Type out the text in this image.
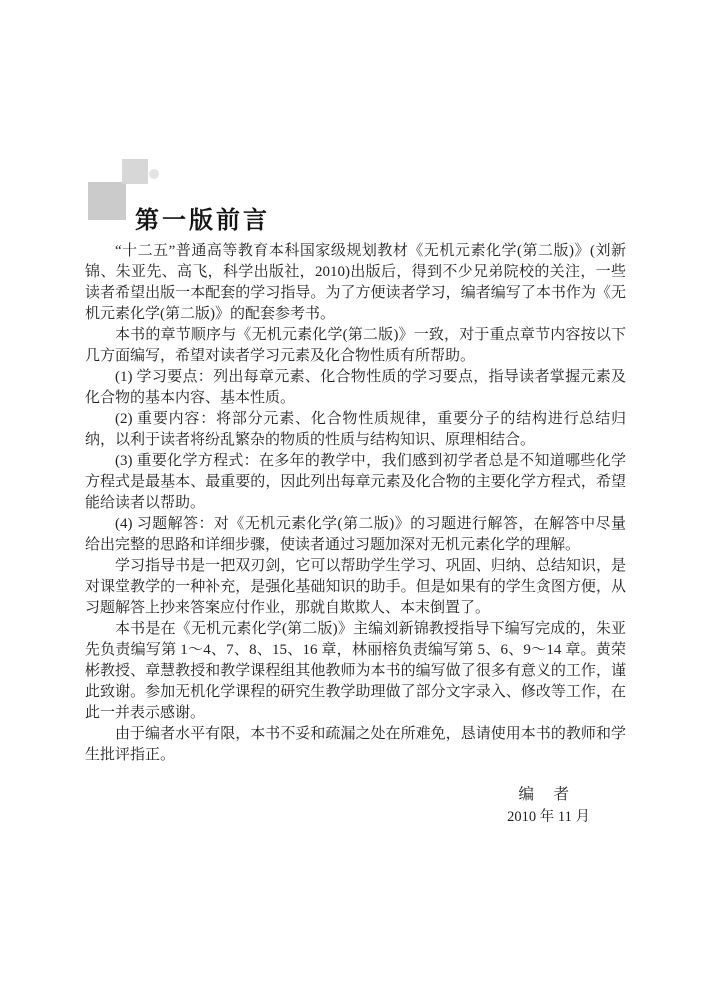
第一版前言

“十二五”普通高等教育本科国家级规划教材《无机元素化学(第二版)》(刘新锦、朱亚先、高飞，科学出版社，2010)出版后，得到不少兄弟院校的关注，一些读者希望出版一本配套的学习指导。为了方便读者学习，编者编写了本书作为《无机元素化学(第二版)》的配套参考书。

本书的章节顺序与《无机元素化学(第二版)》一致，对于重点章节内容按以下几方面编写，希望对读者学习元素及化合物性质有所帮助。

(1) 学习要点：列出每章元素、化合物性质的学习要点，指导读者掌握元素及化合物的基本内容、基本性质。

(2) 重要内容：将部分元素、化合物性质规律，重要分子的结构进行总结归纳，以利于读者将纷乱繁杂的物质的性质与结构知识、原理相结合。

(3) 重要化学方程式：在多年的教学中，我们感到初学者总是不知道哪些化学方程式是最基本、最重要的，因此列出每章元素及化合物的主要化学方程式，希望能给读者以帮助。

(4) 习题解答：对《无机元素化学(第二版)》的习题进行解答，在解答中尽量给出完整的思路和详细步骤，使读者通过习题加深对无机元素化学的理解。

学习指导书是一把双刃剑，它可以帮助学生学习、巩固、归纳、总结知识，是对课堂教学的一种补充，是强化基础知识的助手。但是如果有的学生贪图方便，从习题解答上抄来答案应付作业，那就自欺欺人、本末倒置了。

本书是在《无机元素化学(第二版)》主编刘新锦教授指导下编写完成的，朱亚先负责编写第 1～4、7、8、15、16 章，林丽榕负责编写第 5、6、9～14 章。黄荣彬教授、章慧教授和教学课程组其他教师为本书的编写做了很多有意义的工作，谨此致谢。参加无机化学课程的研究生教学助理做了部分文字录入、修改等工作，在此一并表示感谢。

由于编者水平有限，本书不妥和疏漏之处在所难免，恳请使用本书的教师和学生批评指正。

编　者
2010 年 11 月
